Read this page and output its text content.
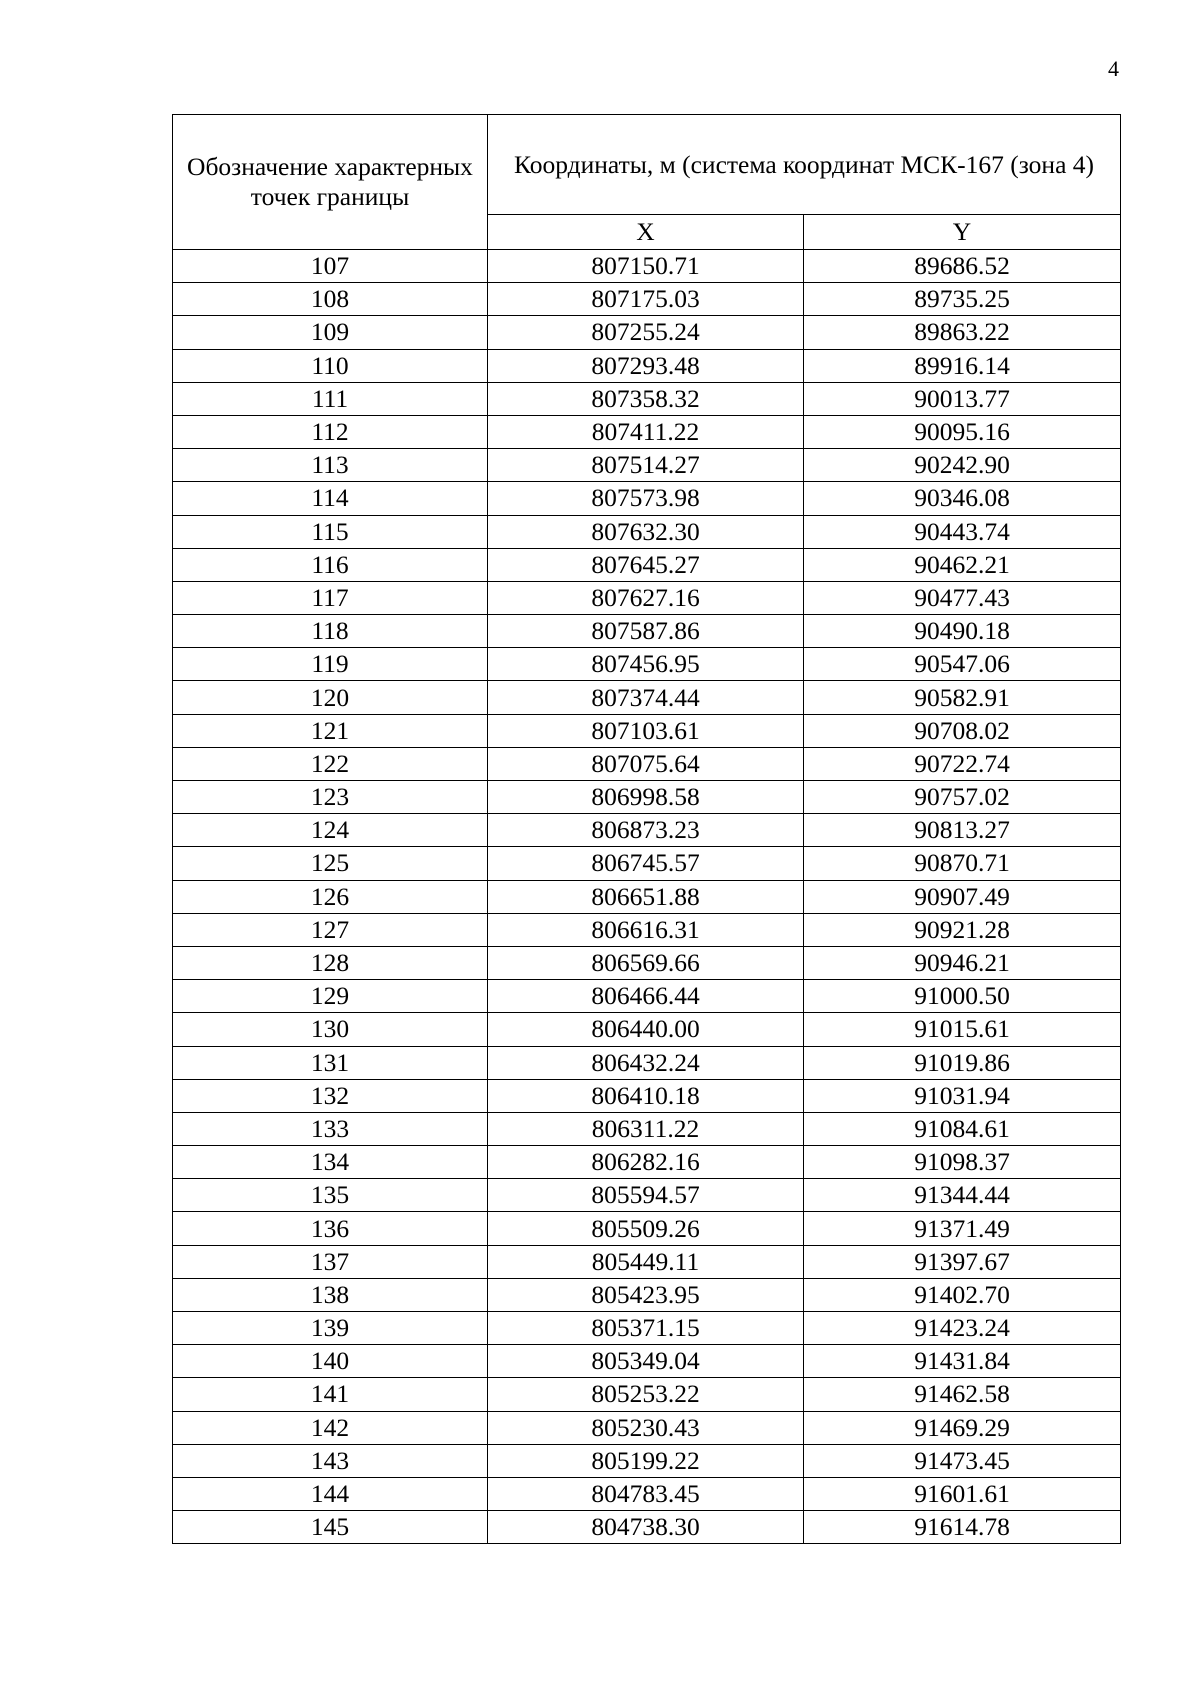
4
Обозначение характерных точек границы	Координаты, м (система координат МСК-167 (зона 4)	
	X	Y
107	807150.71	89686.52
108	807175.03	89735.25
109	807255.24	89863.22
110	807293.48	89916.14
111	807358.32	90013.77
112	807411.22	90095.16
113	807514.27	90242.90
114	807573.98	90346.08
115	807632.30	90443.74
116	807645.27	90462.21
117	807627.16	90477.43
118	807587.86	90490.18
119	807456.95	90547.06
120	807374.44	90582.91
121	807103.61	90708.02
122	807075.64	90722.74
123	806998.58	90757.02
124	806873.23	90813.27
125	806745.57	90870.71
126	806651.88	90907.49
127	806616.31	90921.28
128	806569.66	90946.21
129	806466.44	91000.50
130	806440.00	91015.61
131	806432.24	91019.86
132	806410.18	91031.94
133	806311.22	91084.61
134	806282.16	91098.37
135	805594.57	91344.44
136	805509.26	91371.49
137	805449.11	91397.67
138	805423.95	91402.70
139	805371.15	91423.24
140	805349.04	91431.84
141	805253.22	91462.58
142	805230.43	91469.29
143	805199.22	91473.45
144	804783.45	91601.61
145	804738.30	91614.78
